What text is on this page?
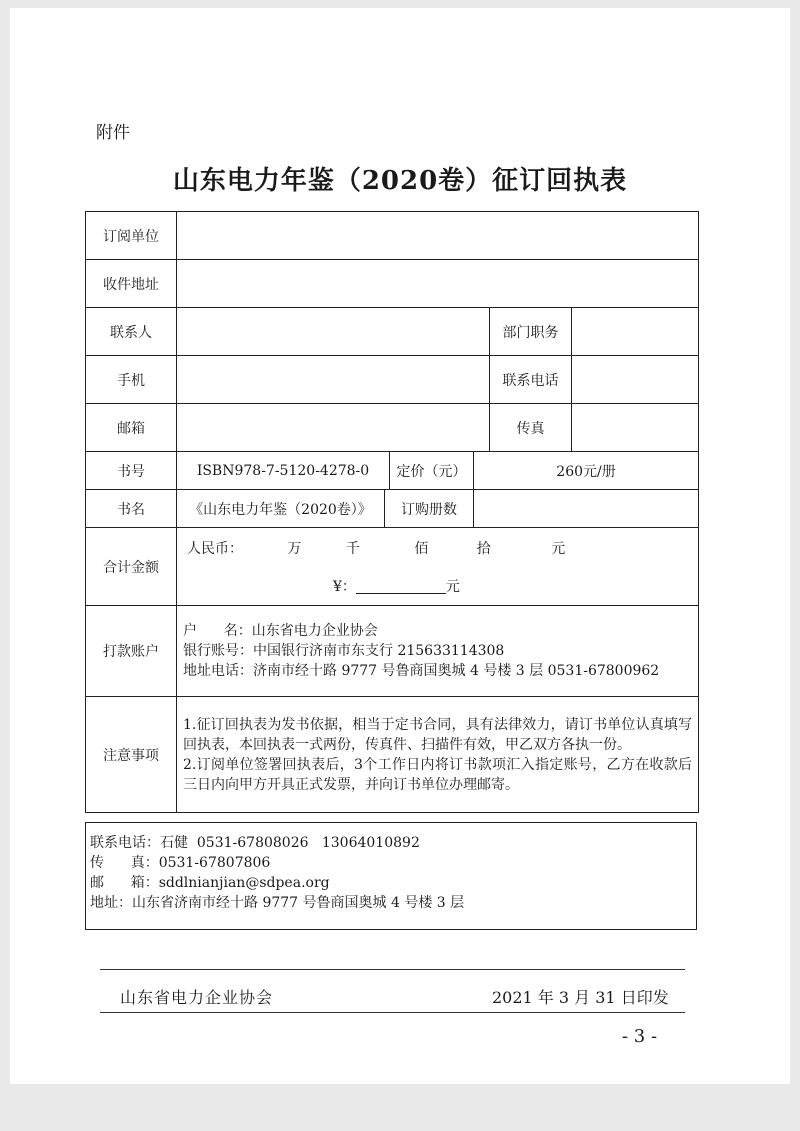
附件
山东电力年鉴（2020卷）征订回执表
订阅单位						
收件地址						
联系人					部门职务	
手机					联系电话	
邮箱					传真	
书号	ISBN978-7-5120-4278-0		定价（元）	260元/册		
书名	《山东电力年鉴（2020卷）》	订购册数				
合计金额	人民币： 万 千 佰 拾 元
¥： 元					

打款账户	户      名：山东省电力企业协会
银行账号：中国银行济南市东支行 215633114308
地址电话：济南市经十路 9777 号鲁商国奥城 4 号楼 3 层 0531-67800962					

注意事项	1.征订回执表为发书依据，相当于定书合同，具有法律效力，请订书单位认真填写回执表，本回执表一式两份，传真件、扫描件有效，甲乙双方各执一份。
2.订阅单位签署回执表后，3个工作日内将订书款项汇入指定账号，乙方在收款后三日内向甲方开具正式发票，并向订书单位办理邮寄。					
联系电话：石健  0531-67808026   13064010892
传      真：0531-67807806
邮      箱：sddlnianjian@sdpea.org
地址：山东省济南市经十路 9777 号鲁商国奥城 4 号楼 3 层
山东省电力企业协会	2021 年 3 月 31 日印发
- 3 -
